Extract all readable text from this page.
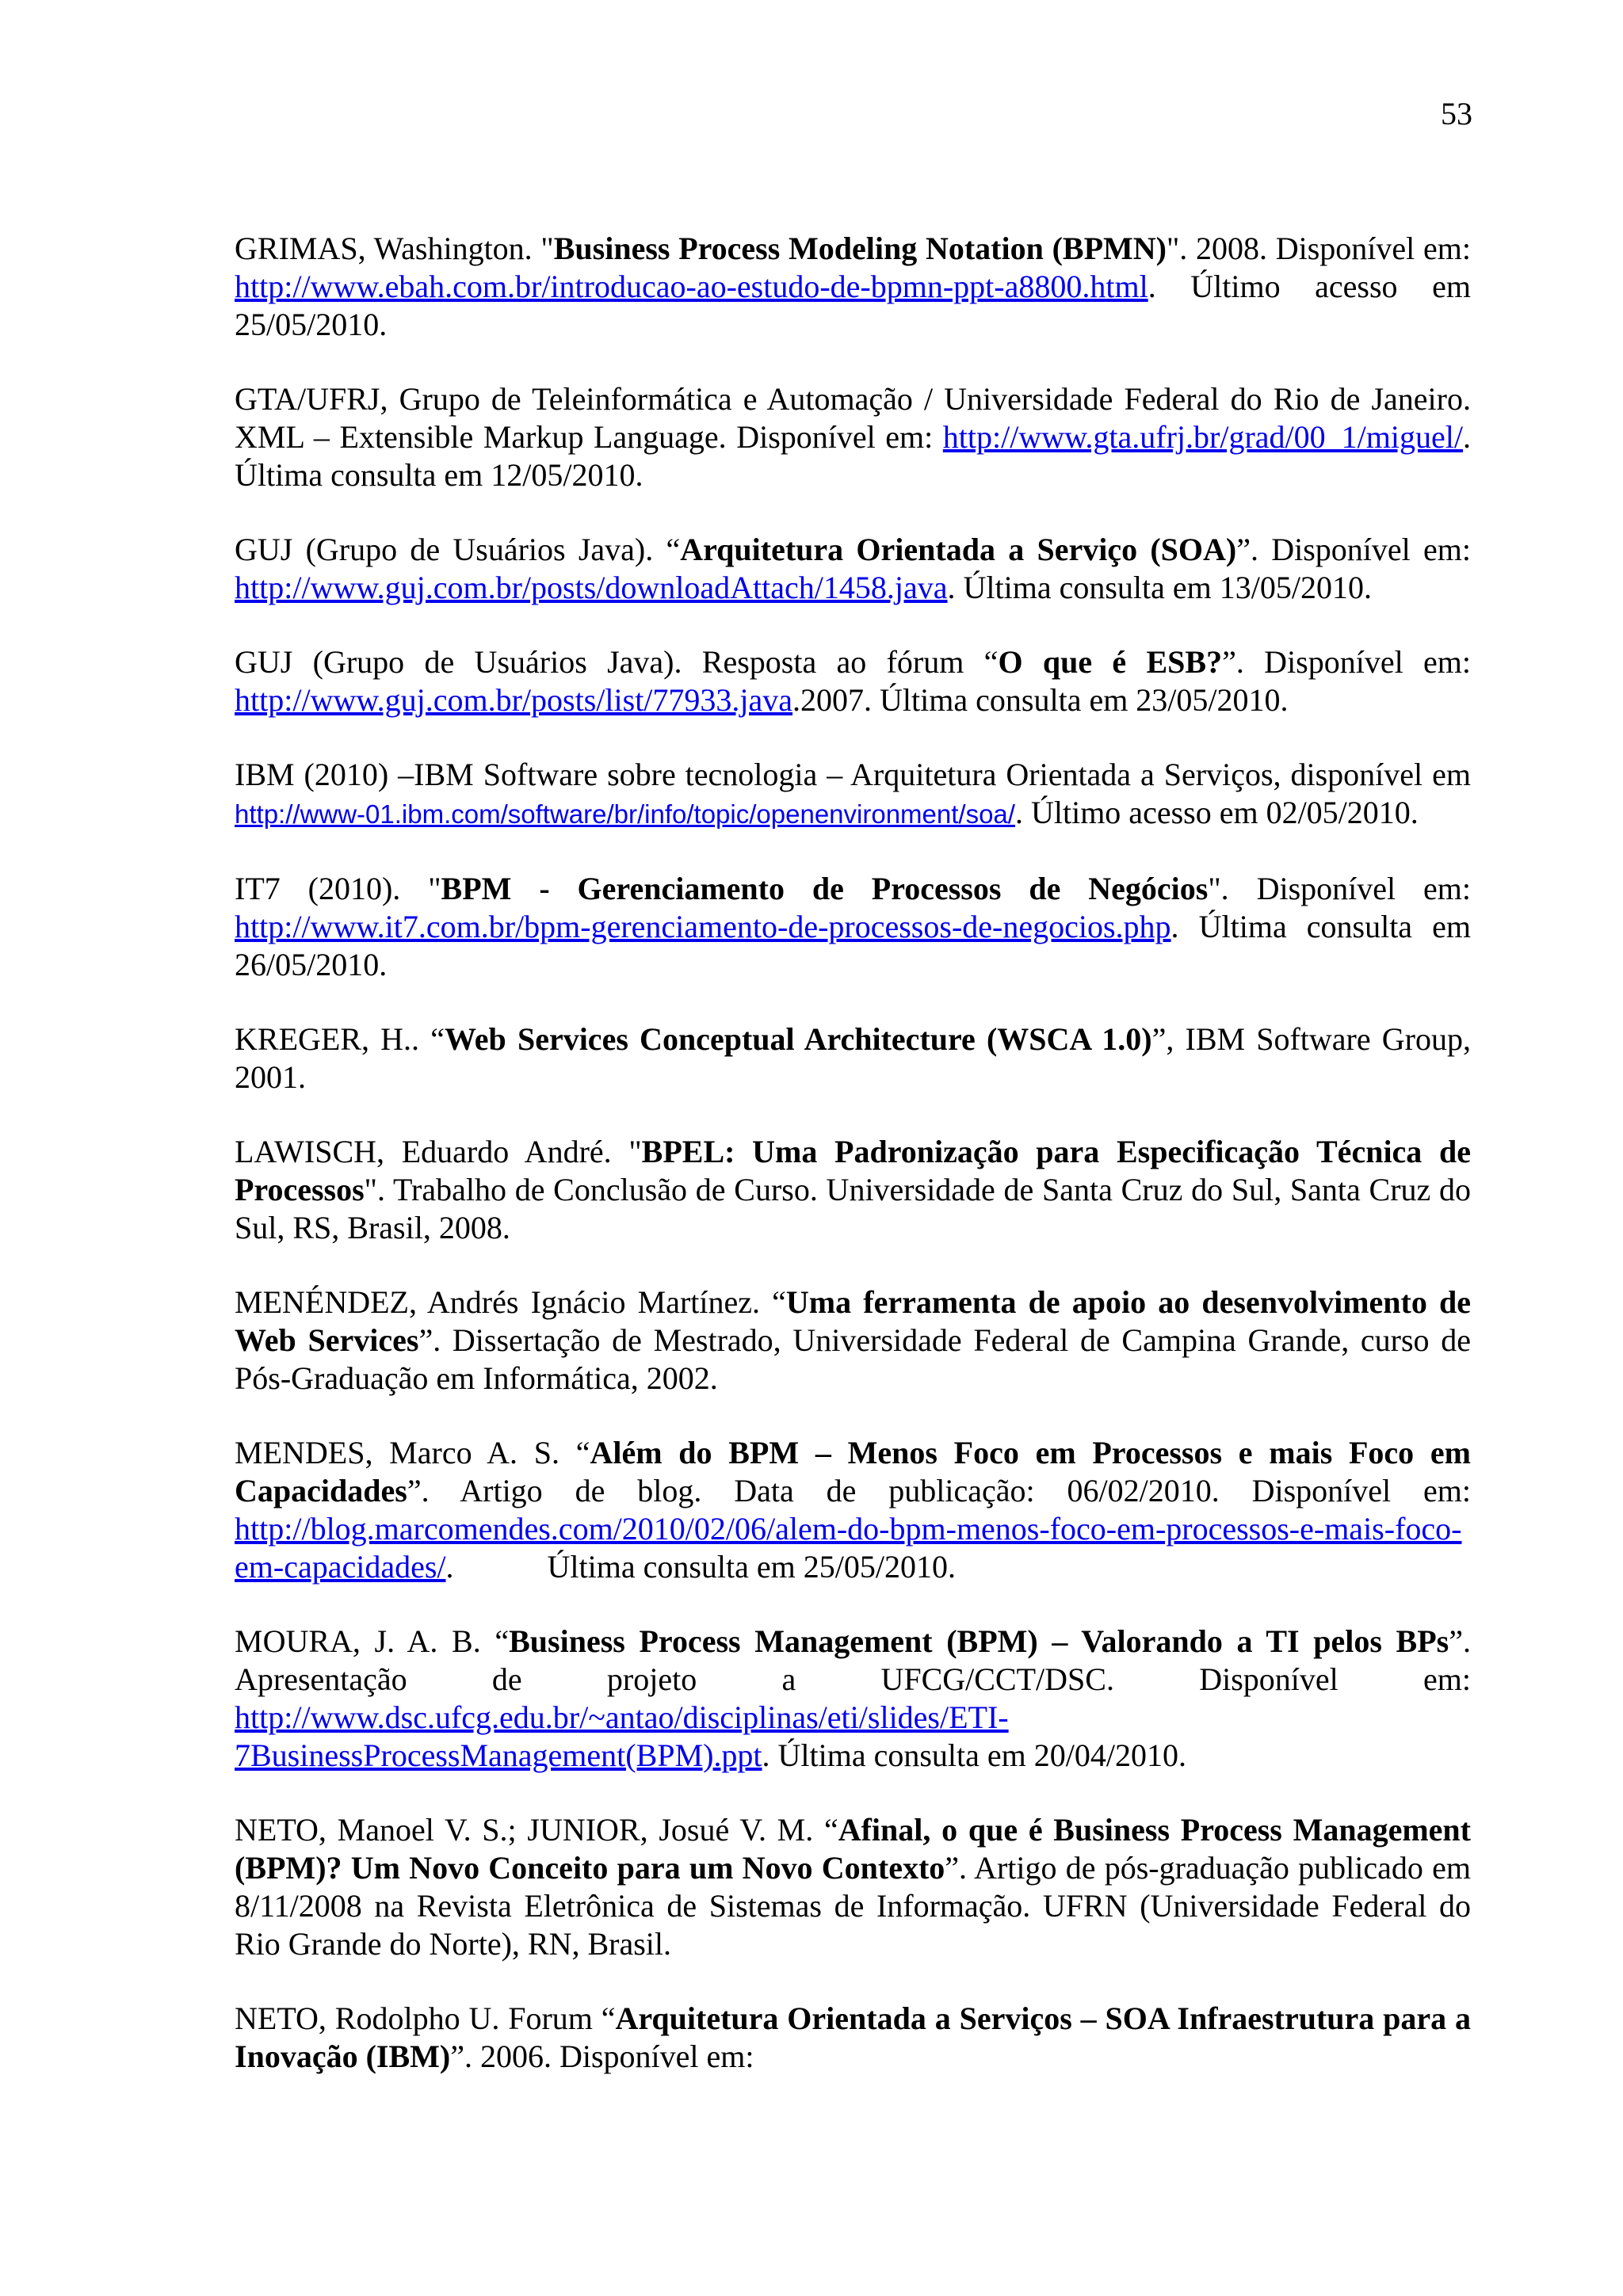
53

GRIMAS, Washington. "Business Process Modeling Notation (BPMN)". 2008. Disponível em: http://www.ebah.com.br/introducao-ao-estudo-de-bpmn-ppt-a8800.html. Último acesso em 25/05/2010.

GTA/UFRJ, Grupo de Teleinformática e Automação / Universidade Federal do Rio de Janeiro. XML – Extensible Markup Language. Disponível em: http://www.gta.ufrj.br/grad/00_1/miguel/. Última consulta em 12/05/2010.

GUJ (Grupo de Usuários Java). “Arquitetura Orientada a Serviço (SOA)”. Disponível em: http://www.guj.com.br/posts/downloadAttach/1458.java. Última consulta em 13/05/2010.

GUJ (Grupo de Usuários Java). Resposta ao fórum “O que é ESB?”. Disponível em: http://www.guj.com.br/posts/list/77933.java.2007. Última consulta em 23/05/2010.

IBM (2010) –IBM Software sobre tecnologia – Arquitetura Orientada a Serviços, disponível em http://www-01.ibm.com/software/br/info/topic/openenvironment/soa/. Último acesso em 02/05/2010.

IT7 (2010). "BPM - Gerenciamento de Processos de Negócios". Disponível em: http://www.it7.com.br/bpm-gerenciamento-de-processos-de-negocios.php. Última consulta em 26/05/2010.

KREGER, H.. “Web Services Conceptual Architecture (WSCA 1.0)”, IBM Software Group, 2001.

LAWISCH, Eduardo André. "BPEL: Uma Padronização para Especificação Técnica de Processos". Trabalho de Conclusão de Curso. Universidade de Santa Cruz do Sul, Santa Cruz do Sul, RS, Brasil, 2008.

MENÉNDEZ, Andrés Ignácio Martínez. “Uma ferramenta de apoio ao desenvolvimento de Web Services”. Dissertação de Mestrado, Universidade Federal de Campina Grande, curso de Pós-Graduação em Informática, 2002.

MENDES, Marco A. S. “Além do BPM – Menos Foco em Processos e mais Foco em Capacidades”. Artigo de blog. Data de publicação: 06/02/2010. Disponível em: http://blog.marcomendes.com/2010/02/06/alem-do-bpm-menos-foco-em-processos-e-mais-foco-em-capacidades/.	Última consulta em 25/05/2010.

MOURA, J. A. B. “Business Process Management (BPM) – Valorando a TI pelos BPs”. Apresentação de projeto a UFCG/CCT/DSC. Disponível em: http://www.dsc.ufcg.edu.br/~antao/disciplinas/eti/slides/ETI-7BusinessProcessManagement(BPM).ppt. Última consulta em 20/04/2010.

NETO, Manoel V. S.; JUNIOR, Josué V. M. “Afinal, o que é Business Process Management (BPM)? Um Novo Conceito para um Novo Contexto”. Artigo de pós-graduação publicado em 8/11/2008 na Revista Eletrônica de Sistemas de Informação. UFRN (Universidade Federal do Rio Grande do Norte), RN, Brasil.

NETO, Rodolpho U. Forum “Arquitetura Orientada a Serviços – SOA Infraestrutura para a Inovação (IBM)”. 2006. Disponível em:
